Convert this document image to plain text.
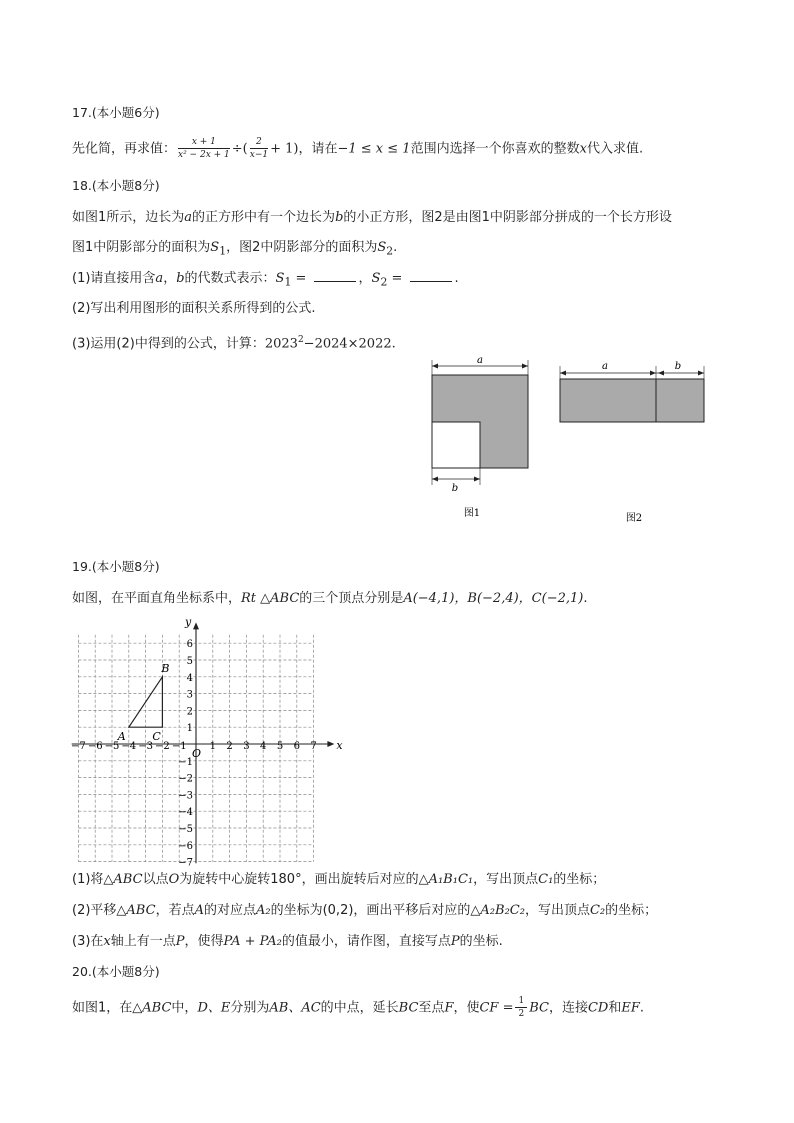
17.(本小题6分)
先化简，再求值： $\frac{x + 1}{\text{x² − 2x + 1}}$ ÷( $\frac{2}{x-1} + 1$)，请在−1 ≤ x ≤ 1范围内选择一个你喜欢的整数x代入求值.
18.(本小题8分)
如图1所示，边长为a的正方形中有一个边长为b的小正方形，图2是由图1中阴影部分拼成的一个长方形设
图1中阴影部分的面积为$S_1$，图2中阴影部分的面积为$S_2$.
(1)请直接用含a，b的代数式表示：$S_1$ =	，$S_2$ =	.
(2)写出利用图形的面积关系所得到的公式.
(3)运用(2)中得到的公式，计算：$2023^2-2024\times 2022$.
a
b
图1
a	b
图2
19.(本小题8分)
如图，在平面直角坐标系中，Rt △ABC的三个顶点分别是A(−4,1)，B(−2,4)，C(−2,1).
−7 −6 −5 −4 −3 −2 −1 1 2 3 4 5 6 7
6
5
4
3
2
1
−1
−2
−3
−4
−5
−6
−7
A
B
C
x
y
O
(1)将△ABC以点O为旋转中心旋转180°，画出旋转后对应的△A₁B₁C₁，写出顶点C₁的坐标；
(2)平移△ABC，若点A的对应点A₂的坐标为(0,2)，画出平移后对应的△A₂B₂C₂，写出顶点C₂的坐标；
(3)在x轴上有一点P，使得PA + PA₂的值最小，请作图，直接写点P的坐标.
20.(本小题8分)
如图1，在△ABC中，D、E分别为AB、AC的中点，延长BC至点F，使CF = $\frac{1}{2}$ BC，连接CD和EF.
